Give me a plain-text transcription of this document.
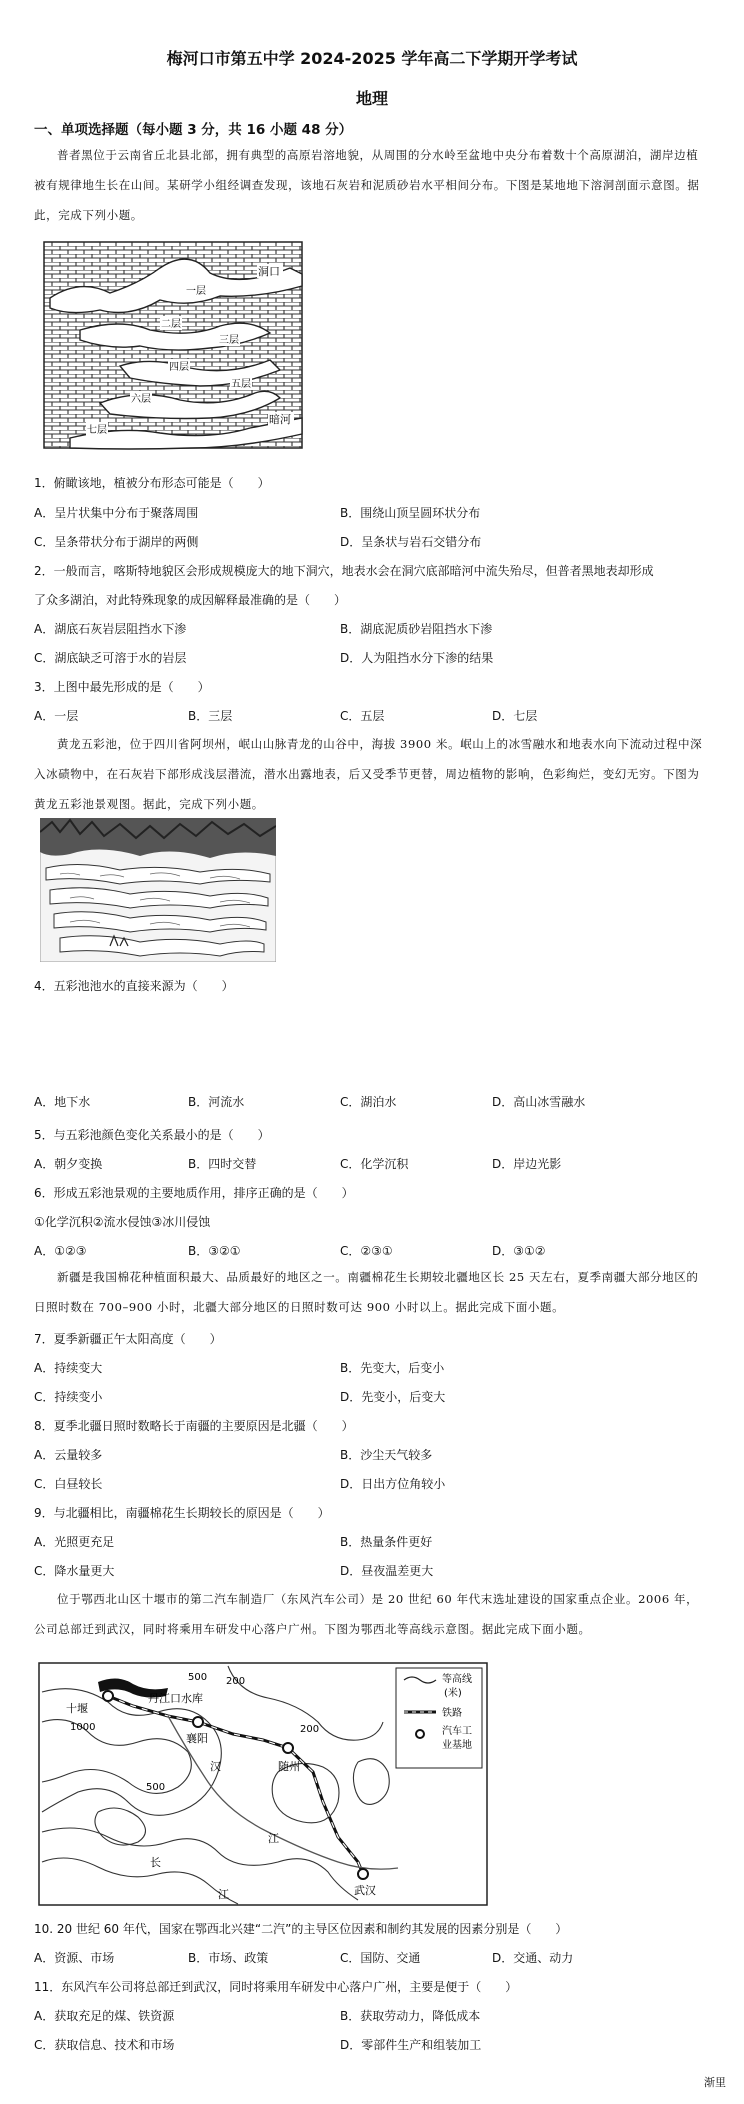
梅河口市第五中学 2024-2025 学年高二下学期开学考试
地理
一、单项选择题（每小题 3 分，共 16 小题 48 分）
普者黑位于云南省丘北县北部，拥有典型的高原岩溶地貌，从周围的分水岭至盆地中央分布着数十个高原湖泊，湖岸边植被有规律地生长在山间。某研学小组经调查发现，该地石灰岩和泥质砂岩水平相间分布。下图是某地地下溶洞剖面示意图。据此，完成下列小题。
洞口
一层
二层
三层
四层
五层
六层
七层
暗河
1．俯瞰该地，植被分布形态可能是（　　）
A．呈片状集中分布于聚落周围	B．围绕山顶呈圆环状分布
C．呈条带状分布于湖岸的两侧	D．呈条状与岩石交错分布
2．一般而言，喀斯特地貌区会形成规模庞大的地下洞穴，地表水会在洞穴底部暗河中流失殆尽，但普者黑地表却形成
了众多湖泊，对此特殊现象的成因解释最准确的是（　　）
A．湖底石灰岩层阻挡水下渗	B．湖底泥质砂岩阻挡水下渗
C．湖底缺乏可溶于水的岩层	D．人为阻挡水分下渗的结果
3．上图中最先形成的是（　　）
A．一层	B．三层	C．五层	D．七层
黄龙五彩池，位于四川省阿坝州，岷山山脉青龙的山谷中，海拔 3900 米。岷山上的冰雪融水和地表水向下流动过程中深入冰碛物中，在石灰岩下部形成浅层潜流，潜水出露地表，后又受季节更替，周边植物的影响，色彩绚烂，变幻无穷。下图为黄龙五彩池景观图。据此，完成下列小题。
4．五彩池池水的直接来源为（　　）
A．地下水	B．河流水	C．湖泊水	D．高山冰雪融水
5．与五彩池颜色变化关系最小的是（　　）
A．朝夕变换	B．四时交替	C．化学沉积	D．岸边光影
6．形成五彩池景观的主要地质作用，排序正确的是（　　）
①化学沉积②流水侵蚀③冰川侵蚀
A．①②③	B．③②①	C．②③①	D．③①②
新疆是我国棉花种植面积最大、品质最好的地区之一。南疆棉花生长期较北疆地区长 25 天左右，夏季南疆大部分地区的日照时数在 700–900 小时，北疆大部分地区的日照时数可达 900 小时以上。据此完成下面小题。
7．夏季新疆正午太阳高度（　　）
A．持续变大	B．先变大，后变小
C．持续变小	D．先变小，后变大
8．夏季北疆日照时数略长于南疆的主要原因是北疆（　　）
A．云量较多	B．沙尘天气较多
C．白昼较长	D．日出方位角较小
9．与北疆相比，南疆棉花生长期较长的原因是（　　）
A．光照更充足	B．热量条件更好
C．降水量更大	D．昼夜温差更大
位于鄂西北山区十堰市的第二汽车制造厂（东风汽车公司）是 20 世纪 60 年代末选址建设的国家重点企业。2006 年，公司总部迁到武汉，同时将乘用车研发中心落户广州。下图为鄂西北等高线示意图。据此完成下面小题。
500 200
1000
500
200
丹江口水库
十堰
襄阳
随州
武汉
汉
江
长
江
等高线
(米)
铁路
汽车工
业基地
10. 20 世纪 60 年代，国家在鄂西北兴建“二汽”的主导区位因素和制约其发展的因素分别是（　　）
A．资源、市场	B．市场、政策	C．国防、交通	D．交通、动力
11．东风汽车公司将总部迁到武汉，同时将乘用车研发中心落户广州，主要是便于（　　）
A．获取充足的煤、铁资源	B．获取劳动力，降低成本
C．获取信息、技术和市场	D．零部件生产和组装加工
渐里
